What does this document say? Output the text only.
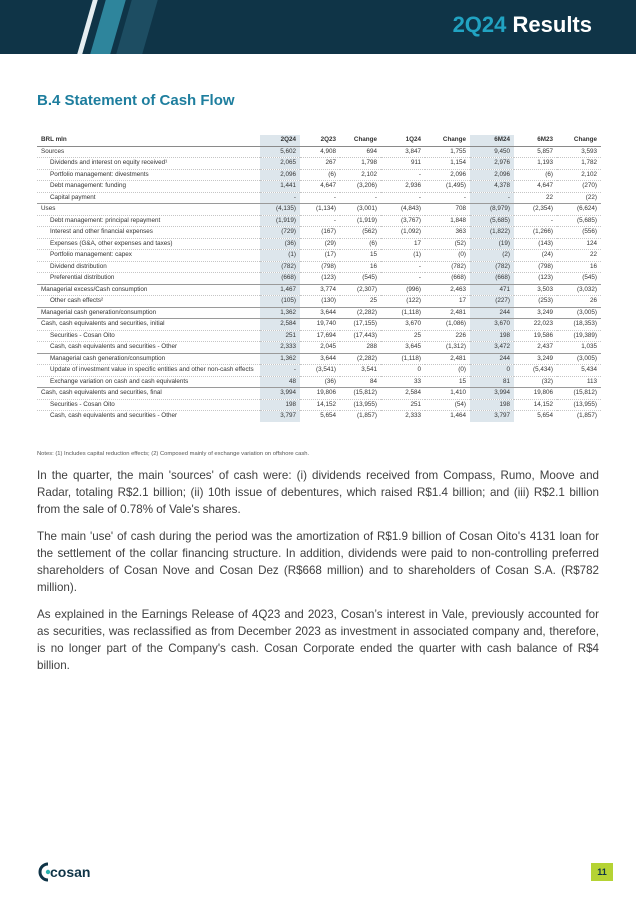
2Q24 Results
B.4 Statement of Cash Flow
BRL mln	2Q24	2Q23	Change	1Q24	Change	6M24	6M23	Change
Sources	5,602	4,908	694	3,847	1,755	9,450	5,857	3,593
Dividends and interest on equity received¹	2,065	267	1,798	911	1,154	2,976	1,193	1,782
Portfolio management: divestments	2,096	(6)	2,102	-	2,096	2,096	(6)	2,102
Debt management: funding	1,441	4,647	(3,206)	2,936	(1,495)	4,378	4,647	(270)
Capital payment	-	-	-	-	-	-	22	(22)
Uses	(4,135)	(1,134)	(3,001)	(4,843)	708	(8,979)	(2,354)	(6,624)
Debt management: principal repayment	(1,919)	-	(1,919)	(3,767)	1,848	(5,685)	-	(5,685)
Interest and other financial expenses	(729)	(167)	(562)	(1,092)	363	(1,822)	(1,266)	(556)
Expenses (G&A, other expenses and taxes)	(36)	(29)	(6)	17	(52)	(19)	(143)	124
Portfolio management: capex	(1)	(17)	15	(1)	(0)	(2)	(24)	22
Dividend distribution	(782)	(798)	16	-	(782)	(782)	(798)	16
Preferential distribution	(668)	(123)	(545)	-	(668)	(668)	(123)	(545)
Managerial excess/Cash consumption	1,467	3,774	(2,307)	(996)	2,463	471	3,503	(3,032)
Other cash effects²	(105)	(130)	25	(122)	17	(227)	(253)	26
Managerial cash generation/consumption	1,362	3,644	(2,282)	(1,118)	2,481	244	3,249	(3,005)
Cash, cash equivalents and securities, initial	2,584	19,740	(17,155)	3,670	(1,086)	3,670	22,023	(18,353)
Securities - Cosan Oito	251	17,694	(17,443)	25	226	198	19,586	(19,389)
Cash, cash equivalents and securities - Other	2,333	2,045	288	3,645	(1,312)	3,472	2,437	1,035
Managerial cash generation/consumption	1,362	3,644	(2,282)	(1,118)	2,481	244	3,249	(3,005)
Update of investment value in specific entities and other non-cash effects	-	(3,541)	3,541	0	(0)	0	(5,434)	5,434
Exchange variation on cash and cash equivalents	48	(36)	84	33	15	81	(32)	113
Cash, cash equivalents and securities, final	3,994	19,806	(15,812)	2,584	1,410	3,994	19,806	(15,812)
Securities - Cosan Oito	198	14,152	(13,955)	251	(54)	198	14,152	(13,955)
Cash, cash equivalents and securities - Other	3,797	5,654	(1,857)	2,333	1,464	3,797	5,654	(1,857)
Notes: (1) Includes capital reduction effects; (2) Composed mainly of exchange variation on offshore cash.

In the quarter, the main 'sources' of cash were: (i) dividends received from Compass, Rumo, Moove and Radar, totaling R$2.1 billion; (ii) 10th issue of debentures, which raised R$1.4 billion; and (iii) R$2.1 billion from the sale of 0.78% of Vale's shares.

The main 'use' of cash during the period was the amortization of R$1.9 billion of Cosan Oito's 4131 loan for the settlement of the collar financing structure. In addition, dividends were paid to non-controlling preferred shareholders of Cosan Nove and Cosan Dez (R$668 million) and to shareholders of Cosan S.A. (R$782 million).

As explained in the Earnings Release of 4Q23 and 2023, Cosan’s interest in Vale, previously accounted for as securities, was reclassified as from December 2023 as investment in associated company and, therefore, is no longer part of the Company's cash. Cosan Corporate ended the quarter with cash balance of R$4 billion.

cosan	11
